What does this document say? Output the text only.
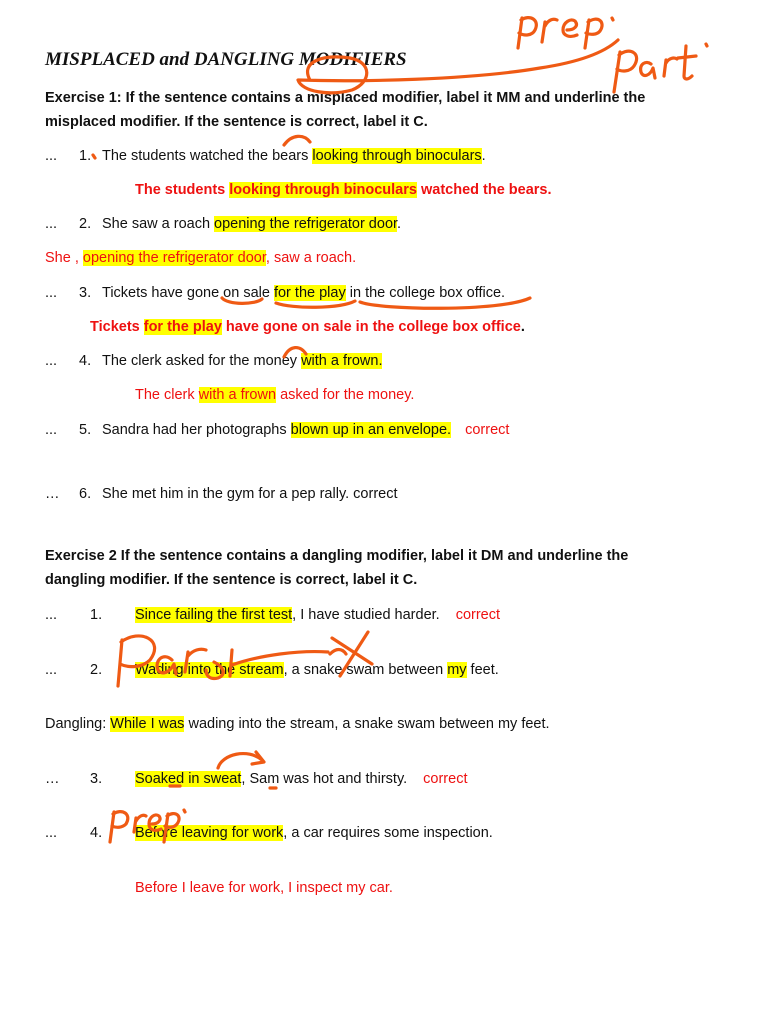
MISPLACED and DANGLING MODIFIERS
Exercise 1: If the sentence contains a misplaced modifier, label it MM and underline the
misplaced modifier. If the sentence is correct, label it C.
... 1. The students watched the bears looking through binoculars.
The students looking through binoculars watched the bears.
... 2. She saw a roach opening the refrigerator door.
She , opening the refrigerator door, saw a roach.
... 3. Tickets have gone on sale for the play in the college box office.
Tickets for the play have gone on sale in the college box office.
... 4. The clerk asked for the money with a frown.
The clerk with a frown asked for the money.
... 5. Sandra had her photographs blown up in an envelope. correct
… 6. She met him in the gym for a pep rally. correct
Exercise 2 If the sentence contains a dangling modifier, label it DM and underline the
dangling modifier. If the sentence is correct, label it C.
... 1. Since failing the first test, I have studied harder. correct
... 2. Wading into the stream, a snake swam between my feet.
Dangling: While I was wading into the stream, a snake swam between my feet.
… 3. Soaked in sweat, Sam was hot and thirsty. correct
... 4. Before leaving for work, a car requires some inspection.
Before I leave for work, I inspect my car.
